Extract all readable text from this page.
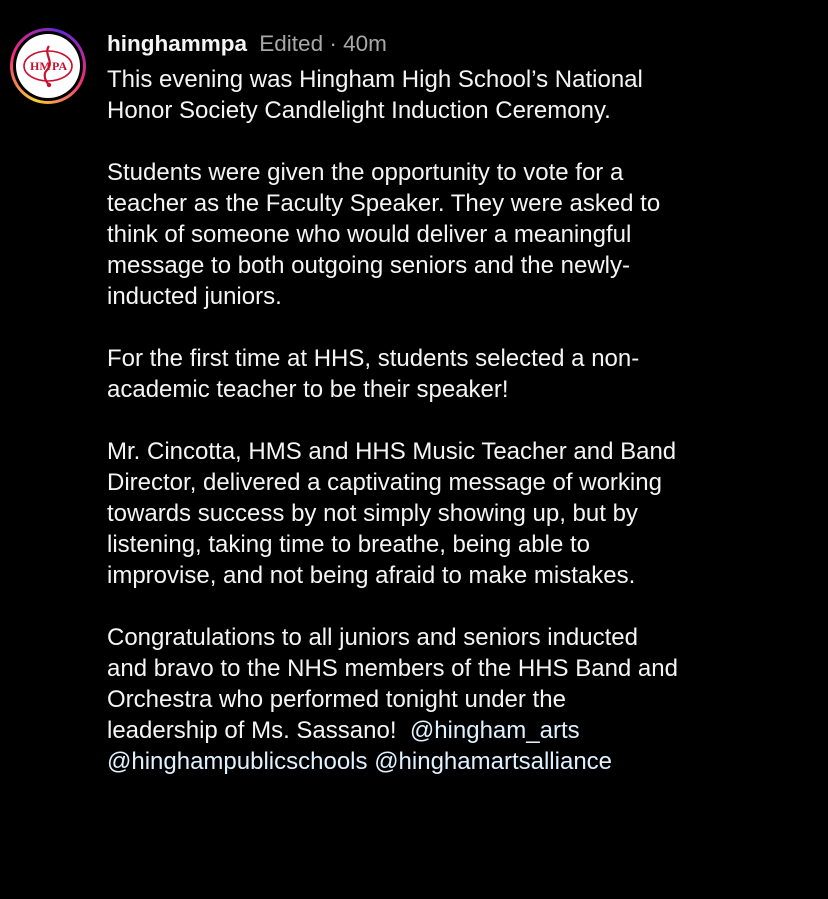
HM PA
hinghammpa Edited · 40m

This evening was Hingham High School’s National
Honor Society Candlelight Induction Ceremony.

Students were given the opportunity to vote for a
teacher as the Faculty Speaker. They were asked to
think of someone who would deliver a meaningful
message to both outgoing seniors and the newly-
inducted juniors.

For the first time at HHS, students selected a non-
academic teacher to be their speaker!

Mr. Cincotta, HMS and HHS Music Teacher and Band
Director, delivered a captivating message of working
towards success by not simply showing up, but by
listening, taking time to breathe, being able to
improvise, and not being afraid to make mistakes.

Congratulations to all juniors and seniors inducted
and bravo to the NHS members of the HHS Band and
Orchestra who performed tonight under the
leadership of Ms. Sassano!  @hingham_arts
@hinghampublicschools @hinghamartsalliance
